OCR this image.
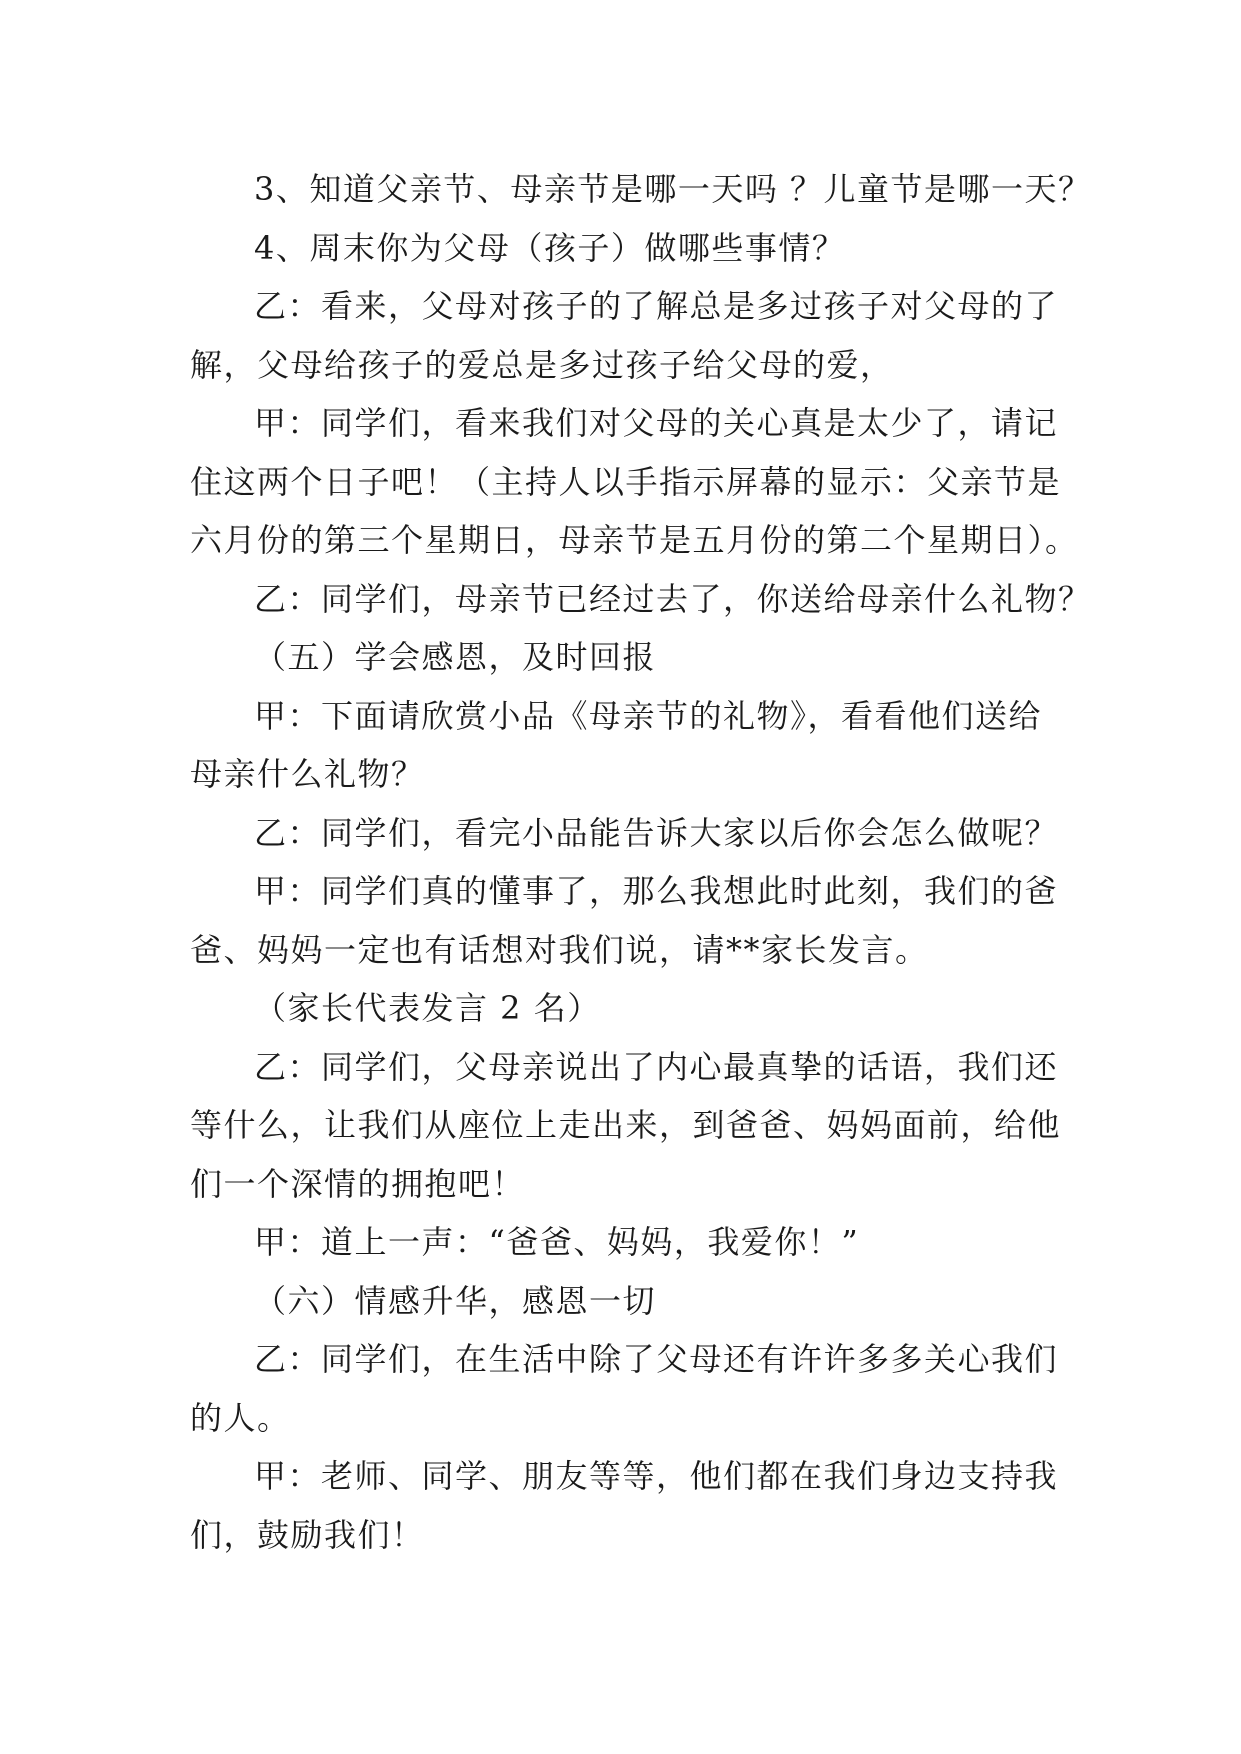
3、知道父亲节、母亲节是哪一天吗 ？儿童节是哪一天？
4、周末你为父母（孩子）做哪些事情？
乙：看来，父母对孩子的了解总是多过孩子对父母的了
解，父母给孩子的爱总是多过孩子给父母的爱，
甲：同学们，看来我们对父母的关心真是太少了，请记
住这两个日子吧！（主持人以手指示屏幕的显示：父亲节是
六月份的第三个星期日，母亲节是五月份的第二个星期日）。
乙：同学们，母亲节已经过去了，你送给母亲什么礼物？
（五）学会感恩，及时回报
甲：下面请欣赏小品《母亲节的礼物》，看看他们送给
母亲什么礼物？
乙：同学们，看完小品能告诉大家以后你会怎么做呢？
甲：同学们真的懂事了，那么我想此时此刻，我们的爸
爸、妈妈一定也有话想对我们说，请**家长发言。
（家长代表发言 2 名）
乙：同学们，父母亲说出了内心最真挚的话语，我们还
等什么，让我们从座位上走出来，到爸爸、妈妈面前，给他
们一个深情的拥抱吧！
甲：道上一声：“爸爸、妈妈，我爱你！”
（六）情感升华，感恩一切
乙：同学们，在生活中除了父母还有许许多多关心我们
的人。
甲：老师、同学、朋友等等，他们都在我们身边支持我
们，鼓励我们！
